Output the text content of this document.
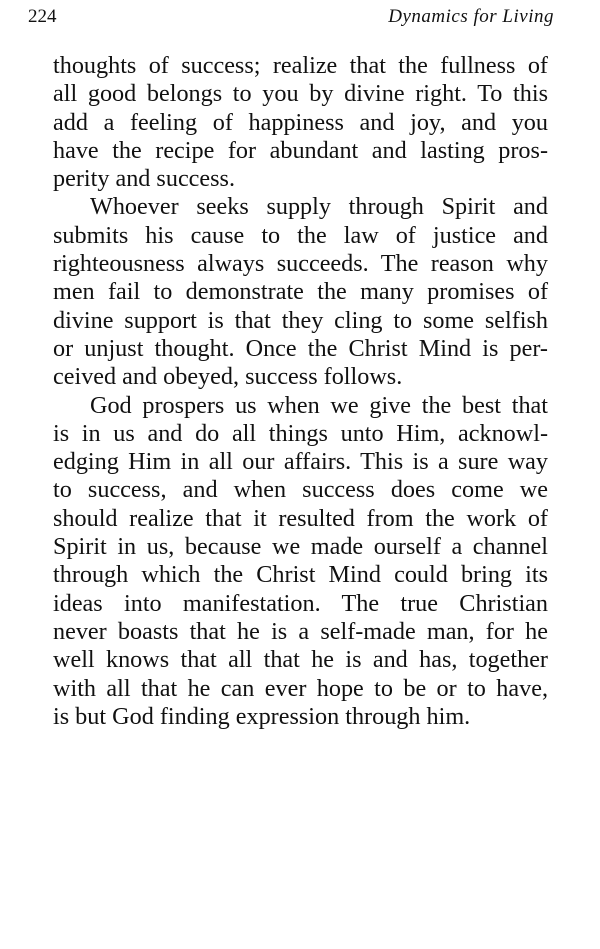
224	Dynamics for Living
thoughts of success; realize that the fullness of
all good belongs to you by divine right. To this
add a feeling of happiness and joy, and you
have the recipe for abundant and lasting pros-
perity and success.
Whoever seeks supply through Spirit and
submits his cause to the law of justice and
righteousness always succeeds. The reason why
men fail to demonstrate the many promises of
divine support is that they cling to some selfish
or unjust thought. Once the Christ Mind is per-
ceived and obeyed, success follows.
God prospers us when we give the best that
is in us and do all things unto Him, acknowl-
edging Him in all our affairs. This is a sure way
to success, and when success does come we
should realize that it resulted from the work of
Spirit in us, because we made ourself a channel
through which the Christ Mind could bring its
ideas into manifestation. The true Christian
never boasts that he is a self-made man, for he
well knows that all that he is and has, together
with all that he can ever hope to be or to have,
is but God finding expression through him.
